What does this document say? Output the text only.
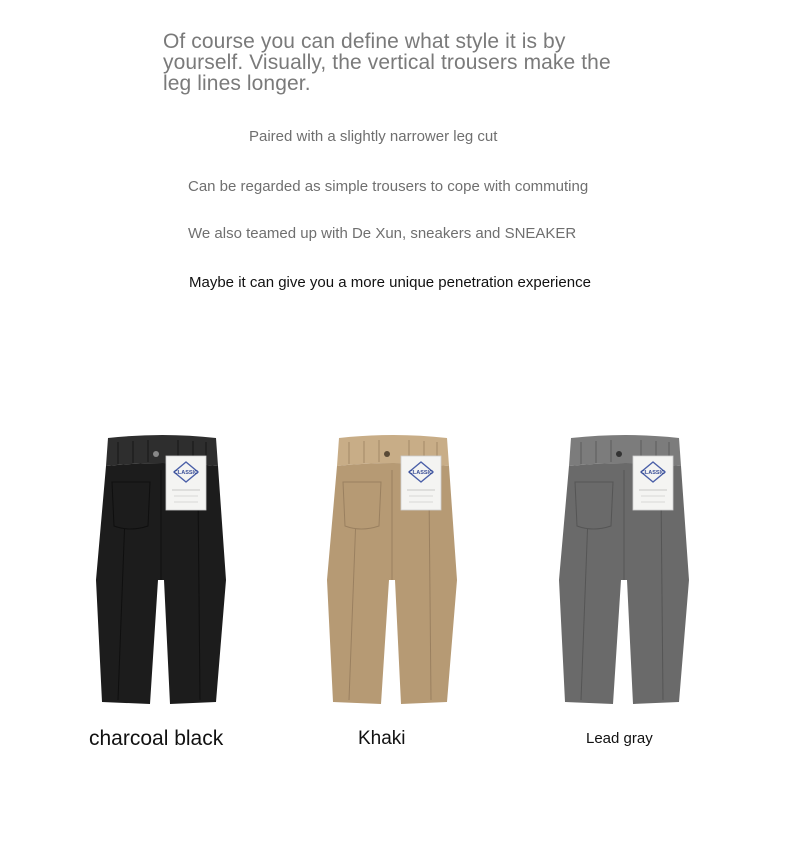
Of course you can define what style it is by yourself. Visually, the vertical trousers make the leg lines longer.

Paired with a slightly narrower leg cut

Can be regarded as simple trousers to cope with commuting

We also teamed up with De Xun, sneakers and SNEAKER

Maybe it can give you a more unique penetration experience

CLASSIC	CLASSIC	CLASSIC

charcoal black	Khaki	Lead gray
